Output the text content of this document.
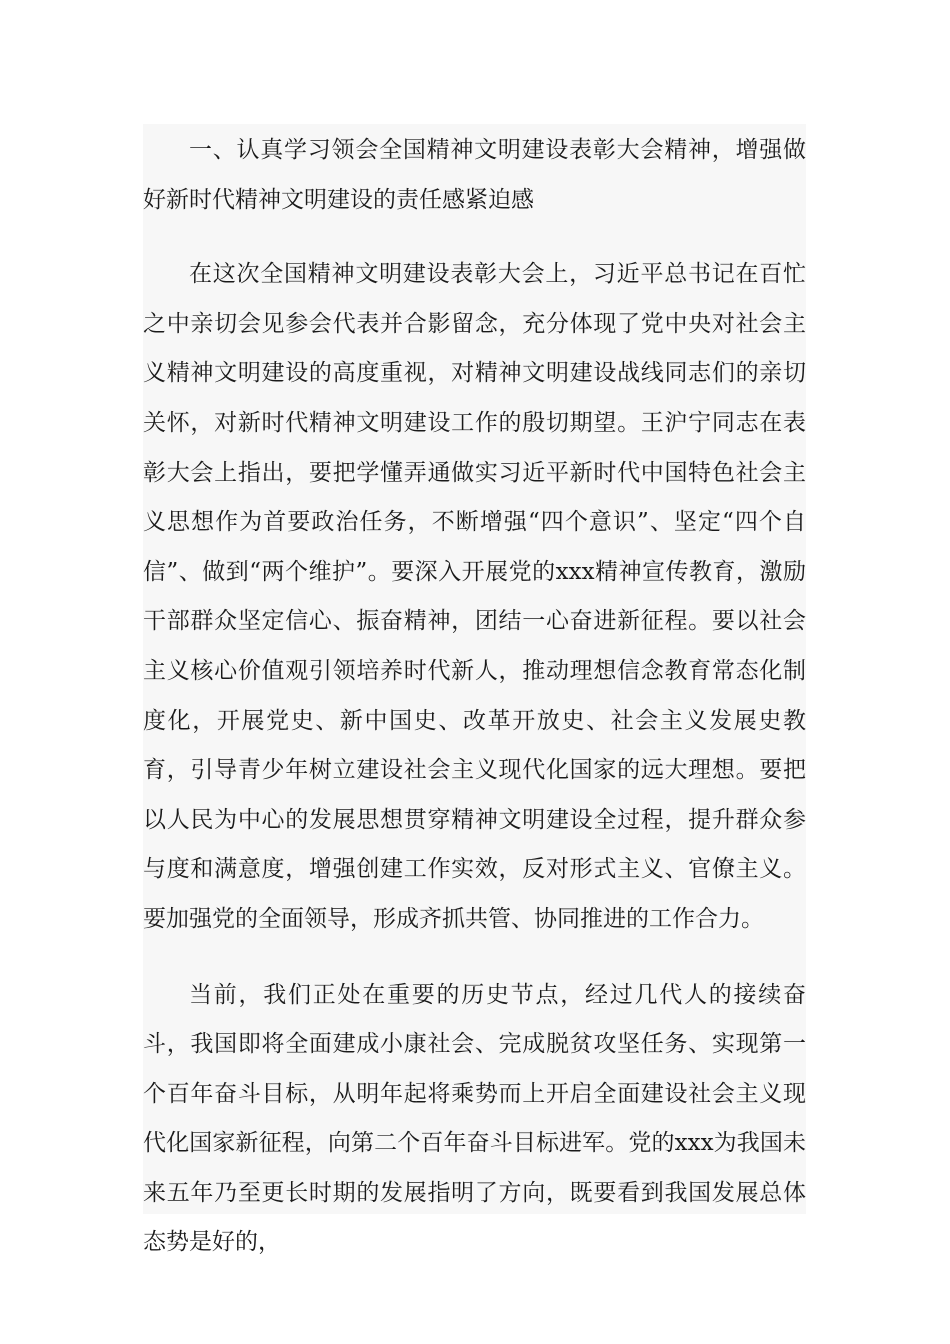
一、认真学习领会全国精神文明建设表彰大会精神，增强做好新时代精神文明建设的责任感紧迫感

在这次全国精神文明建设表彰大会上，习近平总书记在百忙之中亲切会见参会代表并合影留念，充分体现了党中央对社会主义精神文明建设的高度重视，对精神文明建设战线同志们的亲切关怀，对新时代精神文明建设工作的殷切期望。王沪宁同志在表彰大会上指出，要把学懂弄通做实习近平新时代中国特色社会主义思想作为首要政治任务，不断增强“四个意识”、坚定“四个自信”、做到“两个维护”。要深入开展党的xxx精神宣传教育，激励干部群众坚定信心、振奋精神，团结一心奋进新征程。要以社会主义核心价值观引领培养时代新人，推动理想信念教育常态化制度化，开展党史、新中国史、改革开放史、社会主义发展史教育，引导青少年树立建设社会主义现代化国家的远大理想。要把以人民为中心的发展思想贯穿精神文明建设全过程，提升群众参与度和满意度，增强创建工作实效，反对形式主义、官僚主义。要加强党的全面领导，形成齐抓共管、协同推进的工作合力。

当前，我们正处在重要的历史节点，经过几代人的接续奋斗，我国即将全面建成小康社会、完成脱贫攻坚任务、实现第一个百年奋斗目标，从明年起将乘势而上开启全面建设社会主义现代化国家新征程，向第二个百年奋斗目标进军。党的xxx为我国未来五年乃至更长时期的发展指明了方向，既要看到我国发展总体态势是好的，
